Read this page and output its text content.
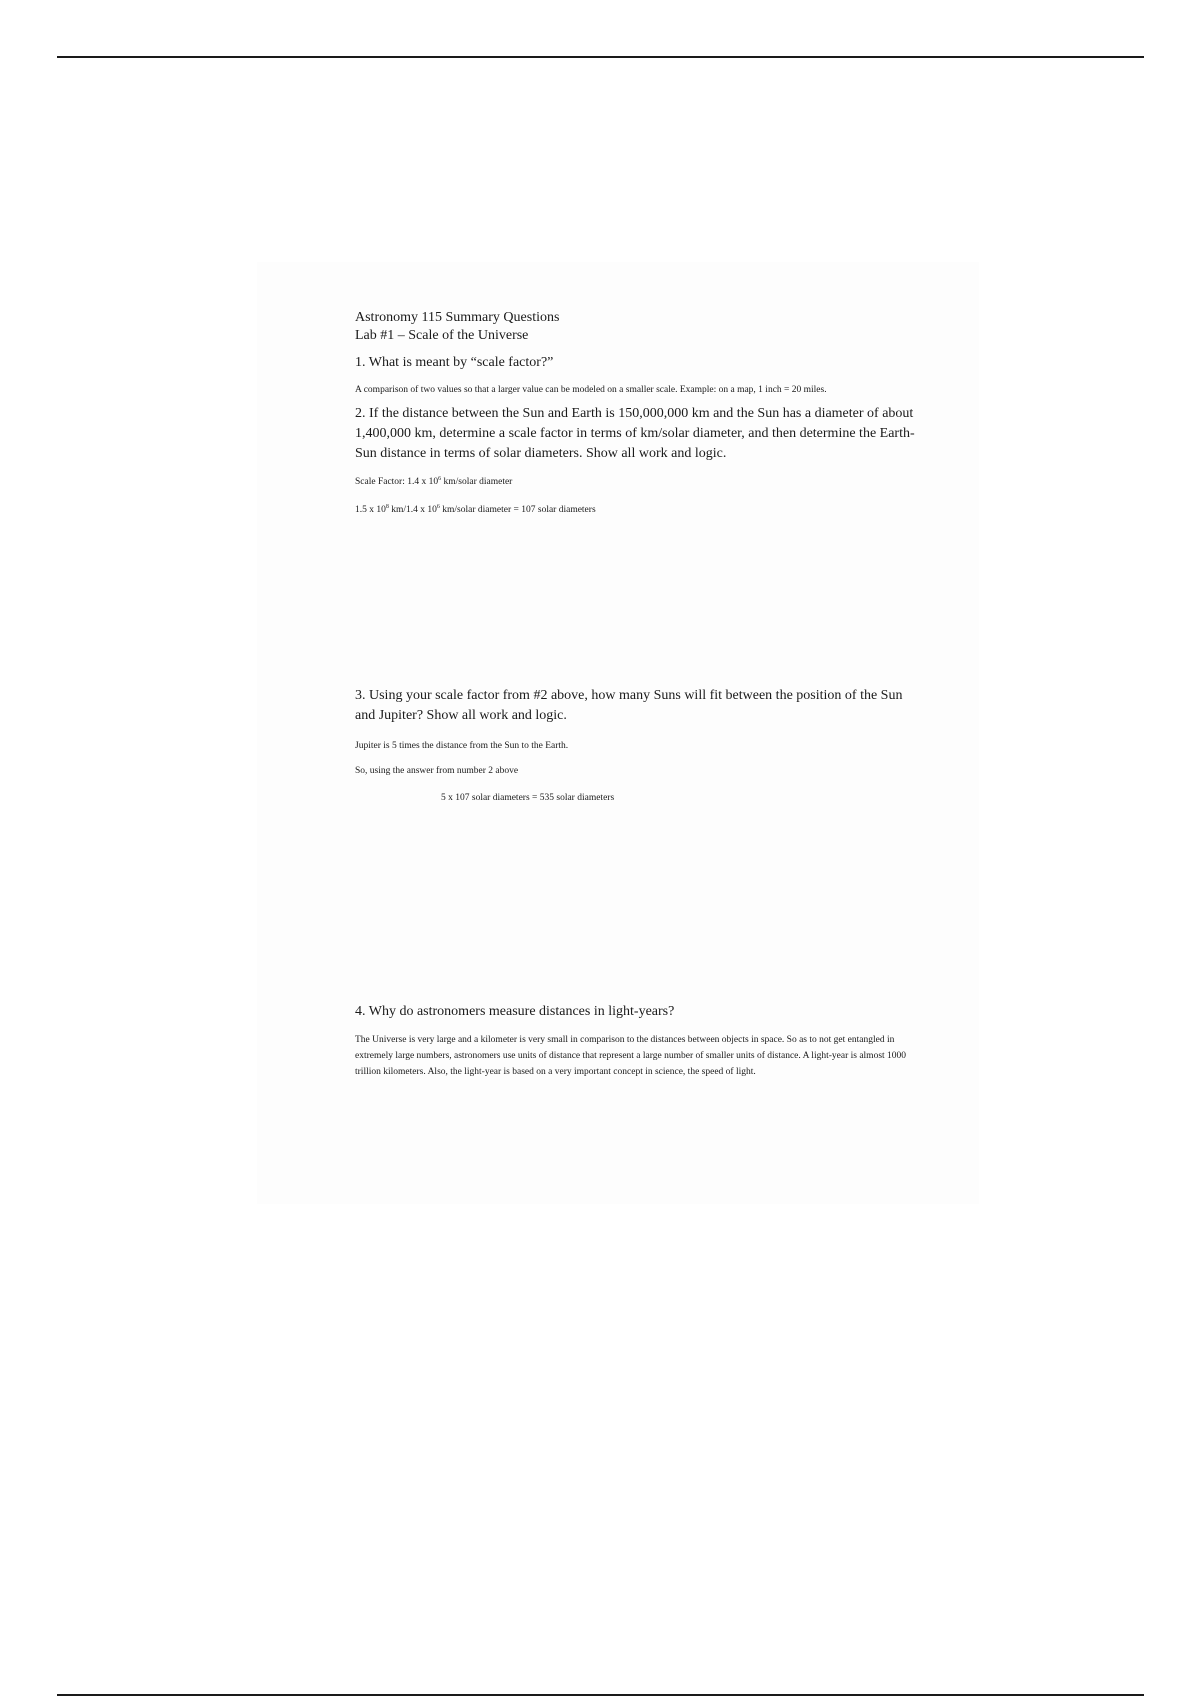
Astronomy 115 Summary Questions

Lab #1 – Scale of the Universe

1. What is meant by “scale factor?”

A comparison of two values so that a larger value can be modeled on a smaller scale. Example: on a map, 1 inch = 20 miles.

2. If the distance between the Sun and Earth is 150,000,000 km and the Sun has a diameter of about 1,400,000 km, determine a scale factor in terms of km/solar diameter, and then determine the Earth-Sun distance in terms of solar diameters. Show all work and logic.

Scale Factor: 1.4 x $10^6$ km/solar diameter

1.5 x $10^8$ km/1.4 x $10^6$ km/solar diameter = 107 solar diameters

3. Using your scale factor from #2 above, how many Suns will fit between the position of the Sun and Jupiter? Show all work and logic.

Jupiter is 5 times the distance from the Sun to the Earth.

So, using the answer from number 2 above

5 x 107 solar diameters = 535 solar diameters

4. Why do astronomers measure distances in light-years?

The Universe is very large and a kilometer is very small in comparison to the distances between objects in space. So as to not get entangled in extremely large numbers, astronomers use units of distance that represent a large number of smaller units of distance. A light-year is almost 1000 trillion kilometers. Also, the light-year is based on a very important concept in science, the speed of light.
